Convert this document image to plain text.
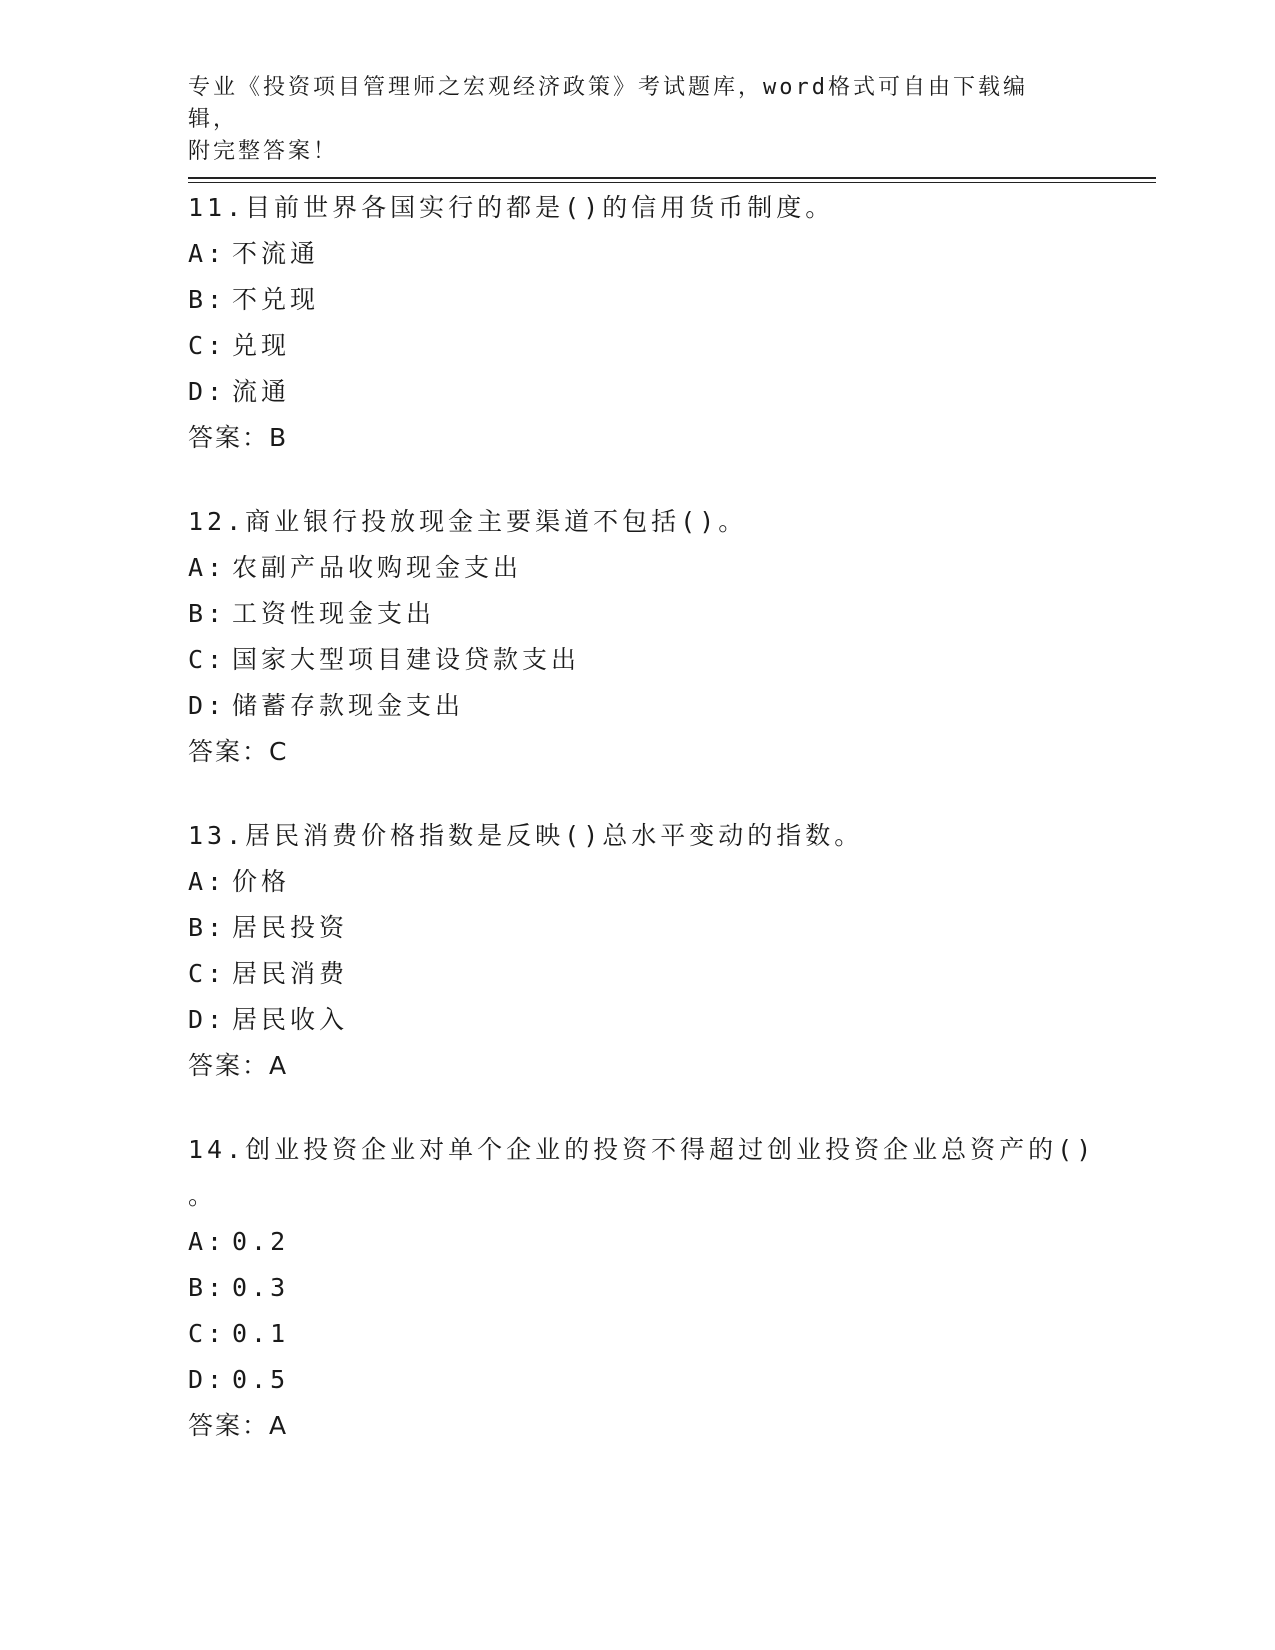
专业《投资项目管理师之宏观经济政策》考试题库，word格式可自由下载编辑，
附完整答案！
11.目前世界各国实行的都是()的信用货币制度。
A: 不流通
B: 不兑现
C: 兑现
D: 流通
答案：B
12.商业银行投放现金主要渠道不包括()。
A: 农副产品收购现金支出
B: 工资性现金支出
C: 国家大型项目建设贷款支出
D: 储蓄存款现金支出
答案：C
13.居民消费价格指数是反映()总水平变动的指数。
A: 价格
B: 居民投资
C: 居民消费
D: 居民收入
答案：A
14.创业投资企业对单个企业的投资不得超过创业投资企业总资产的()
。
A: 0.2
B: 0.3
C: 0.1
D: 0.5
答案：A
